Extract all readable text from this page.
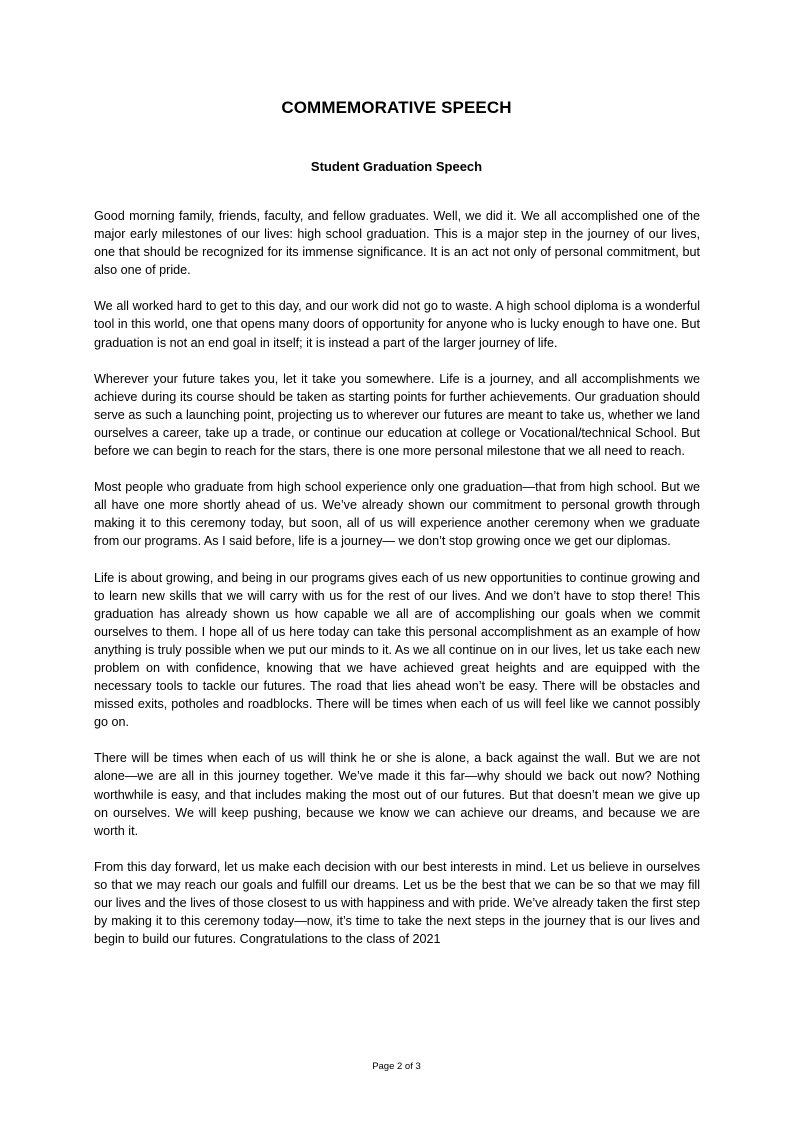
COMMEMORATIVE SPEECH
Student Graduation Speech

Good morning family, friends, faculty, and fellow graduates. Well, we did it. We all accomplished one of the major early milestones of our lives: high school graduation. This is a major step in the journey of our lives, one that should be recognized for its immense significance. It is an act not only of personal commitment, but also one of pride.

We all worked hard to get to this day, and our work did not go to waste. A high school diploma is a wonderful tool in this world, one that opens many doors of opportunity for anyone who is lucky enough to have one. But graduation is not an end goal in itself; it is instead a part of the larger journey of life.

Wherever your future takes you, let it take you somewhere. Life is a journey, and all accomplishments we achieve during its course should be taken as starting points for further achievements. Our graduation should serve as such a launching point, projecting us to wherever our futures are meant to take us, whether we land ourselves a career, take up a trade, or continue our education at college or Vocational/technical School. But before we can begin to reach for the stars, there is one more personal milestone that we all need to reach.

Most people who graduate from high school experience only one graduation—that from high school. But we all have one more shortly ahead of us. We’ve already shown our commitment to personal growth through making it to this ceremony today, but soon, all of us will experience another ceremony when we graduate from our programs. As I said before, life is a journey— we don’t stop growing once we get our diplomas.

Life is about growing, and being in our programs gives each of us new opportunities to continue growing and to learn new skills that we will carry with us for the rest of our lives. And we don’t have to stop there! This graduation has already shown us how capable we all are of accomplishing our goals when we commit ourselves to them. I hope all of us here today can take this personal accomplishment as an example of how anything is truly possible when we put our minds to it. As we all continue on in our lives, let us take each new problem on with confidence, knowing that we have achieved great heights and are equipped with the necessary tools to tackle our futures. The road that lies ahead won’t be easy. There will be obstacles and missed exits, potholes and roadblocks. There will be times when each of us will feel like we cannot possibly go on.

There will be times when each of us will think he or she is alone, a back against the wall. But we are not alone—we are all in this journey together. We’ve made it this far—why should we back out now? Nothing worthwhile is easy, and that includes making the most out of our futures. But that doesn’t mean we give up on ourselves. We will keep pushing, because we know we can achieve our dreams, and because we are worth it.

From this day forward, let us make each decision with our best interests in mind. Let us believe in ourselves so that we may reach our goals and fulfill our dreams. Let us be the best that we can be so that we may fill our lives and the lives of those closest to us with happiness and with pride. We’ve already taken the first step by making it to this ceremony today—now, it’s time to take the next steps in the journey that is our lives and begin to build our futures. Congratulations to the class of 2021

Page 2 of 3
